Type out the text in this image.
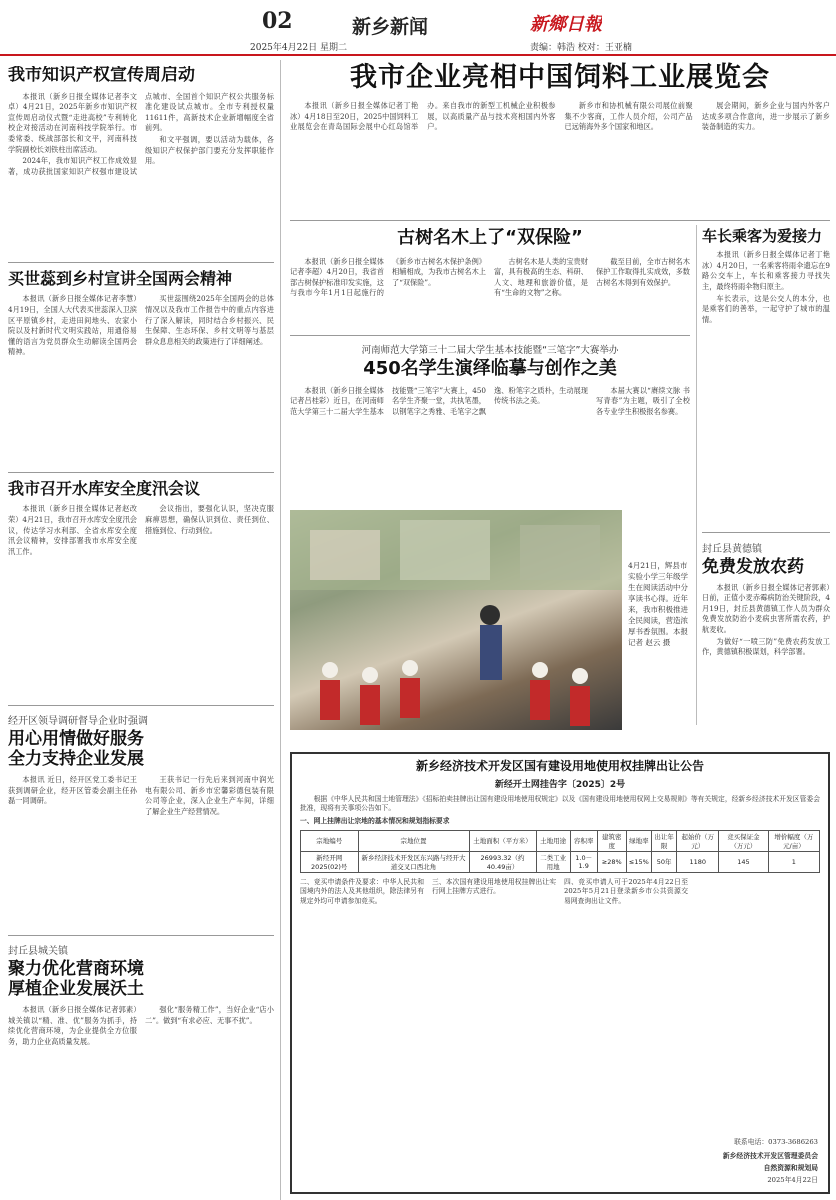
02	新乡新闻
2025年4月22日 星期二
新鄉日報
责编：韩浩 校对：王亚楠
我市知识产权宣传周启动

本报讯（新乡日报全媒体记者李文卓）4月21日，2025年新乡市知识产权宣传周启动仪式暨“走进高校”专利转化校企对接活动在河南科技学院举行。市委常委、统战部部长和文平，河南科技学院副校长刘铁柱出席活动。

2024年，我市知识产权工作成效显著，成功获批国家知识产权强市建设试点城市、全国首个知识产权公共服务标准化建设试点城市。全市专利授权量11611件，高新技术企业新增幅度全省前列。

和文平强调，要以活动为载体，各级知识产权保护部门要充分发挥职能作用。

买世蕊到乡村宣讲全国两会精神

本报讯（新乡日报全媒体记者李慧）4月19日，全国人大代表买世蕊深入卫滨区平原镇乡村，走进田间地头、农家小院以及村新时代文明实践站，用通俗易懂的语言为党员群众生动解读全国两会精神。

买世蕊围绕2025年全国两会的总体情况以及我市工作报告中的重点内容进行了深入解读，同时结合乡村振兴、民生保障、生态环保、乡村文明等与基层群众息息相关的政策进行了详细阐述。

我市召开水库安全度汛会议

本报讯（新乡日报全媒体记者赵改荣）4月21日，我市召开水库安全度汛会议，传达学习水利部、全省水库安全度汛会议精神，安排部署我市水库安全度汛工作。

会议指出，要强化认识，坚决克服麻痹思想，确保认识到位、责任到位、措施到位、行动到位。

经开区领导调研督导企业时强调
用心用情做好服务
全力支持企业发展

本报讯 近日，经开区党工委书记王获到调研企业，经开区管委会副主任孙磊一同调研。

王获书记一行先后来到河南中润光电有限公司、新乡市宏馨彩德包装有限公司等企业，深入企业生产车间，详细了解企业生产经营情况。

封丘县城关镇
聚力优化营商环境
厚植企业发展沃土

本报讯（新乡日报全媒体记者郭素）城关镇以“精、准、优”服务为抓手，持续优化营商环境，为企业提供全方位服务，助力企业高质量发展。

强化“服务精工作”，当好企业“店小二”。做到“有求必应、无事不扰”。

我市企业亮相中国饲料工业展览会

本报讯（新乡日报全媒体记者丁艳冰）4月18日至20日，2025中国饲料工业展览会在青岛国际会展中心红岛馆举办。来自我市的新型工机械企业积极参展，以高质量产品与技术亮相国内外客户。

新乡市和协机械有限公司展位前聚集不少客商，工作人员介绍，公司产品已远销海外多个国家和地区。

展会期间，新乡企业与国内外客户达成多项合作意向，进一步展示了新乡装备制造的实力。

古树名木上了“双保险”

本报讯（新乡日报全媒体记者李超）4月20日，我省首部古树保护标准印发实施，这与我市今年1月1日起施行的《新乡市古树名木保护条例》相辅相成，为我市古树名木上了“双保险”。

古树名木是人类的宝贵财富，具有极高的生态、科研、人文、地理和旅游价值，是有“生命的文物”之称。

截至目前，全市古树名木保护工作取得扎实成效，多数古树名木得到有效保护。

车长乘客为爱接力

本报讯（新乡日报全媒体记者丁艳冰）4月20日，一名乘客将雨伞遗忘在9路公交车上，车长和乘客接力寻找失主，最终将雨伞物归原主。

车长表示，这是公交人的本分，也是乘客们的善举，一起守护了城市的温情。

河南师范大学第三十二届大学生基本技能暨“三笔字”大赛举办
450名学生演绎临摹与创作之美

本报讯（新乡日报全媒体记者吕桂彩）近日，在河南师范大学第三十二届大学生基本技能暨“三笔字”大赛上，450名学生齐聚一堂，共执笔墨，以钢笔字之秀雅、毛笔字之飘逸、粉笔字之质朴，生动展现传统书法之美。

本届大赛以“赓续文脉 书写青春”为主题，吸引了全校各专业学生积极报名参赛。

4月21日，辉县市实验小学三年级学生在阅读活动中分享读书心得。近年来，我市积极推进全民阅读，营造浓厚书香氛围。本报记者 赵云 摄
封丘县黄德镇
免费发放农药

本报讯（新乡日报全媒体记者郭素）日前，正值小麦赤霉病防治关键阶段，4月19日，封丘县黄德镇工作人员为群众免费发放防治小麦病虫害所需农药，护航麦收。

为做好“一喷三防”免费农药发放工作，黄德镇积极谋划，科学部署。

新乡经济技术开发区国有建设用地使用权挂牌出让公告
新经开土网挂告字〔2025〕2号
根据《中华人民共和国土地管理法》《招标拍卖挂牌出让国有建设用地使用权规定》以及《国有建设用地使用权网上交易规则》等有关规定，经新乡经济技术开发区管委会批准，现将有关事项公告如下。
一、网上挂牌出让宗地的基本情况和规划指标要求
宗地编号	宗地位置	土地面积（平方米）	土地用途	容积率	建筑密度	绿地率	出让年限	起始价（万元）	竞买保证金（万元）	增价幅度（万元/亩）
新经开网2025(02)号	新乡经济技术开发区东兴路与经开大道交叉口西北角	26993.32（约40.49亩）	二类工业用地	1.0－1.9	≥28%	≤15%	50年	1180	145	1

二、竞买申请条件及要求：中华人民共和国境内外的法人及其他组织，除法律另有规定外均可申请参加竞买。

三、本次国有建设用地使用权挂牌出让实行网上挂牌方式进行。

四、竞买申请人可于2025年4月22日至2025年5月21日登录新乡市公共资源交易网查询出让文件。

联系电话：0373-3686263
新乡经济技术开发区管理委员会
自然资源和规划局
2025年4月22日
